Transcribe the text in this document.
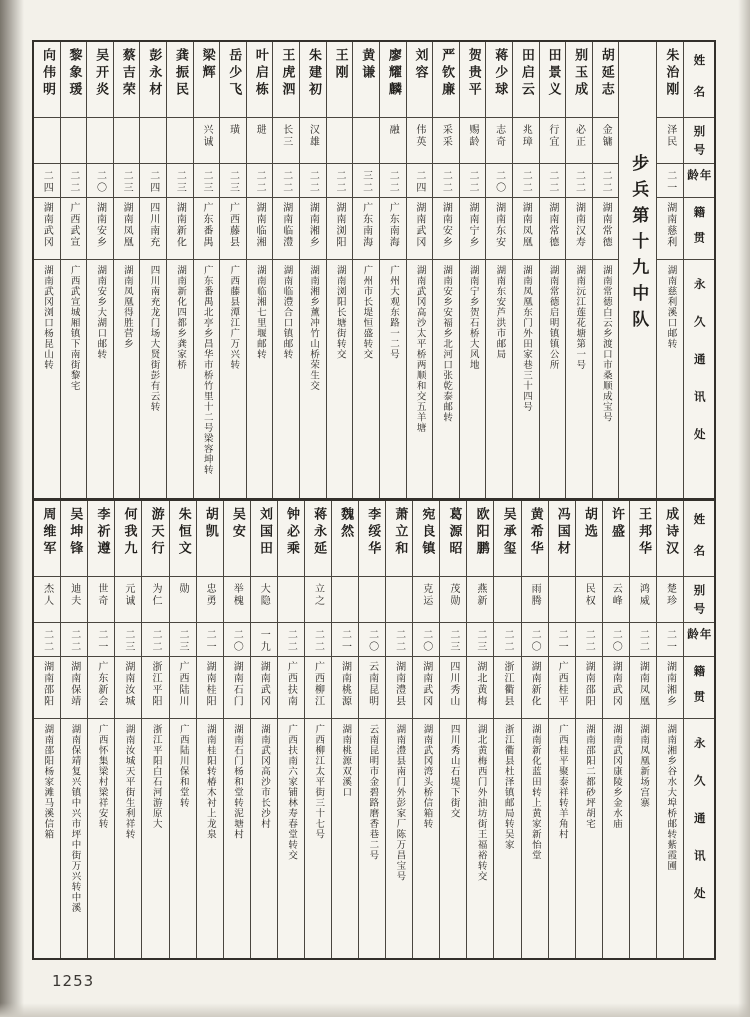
姓名
别号
年龄
籍贯
永久通讯处
朱治刚
泽民
二一
湖南慈利
湖南慈利溪口邮转
步兵第十九中队
胡延志
金镛
二二
湖南常德
湖南常德白云乡渡口市桑顺成宝号
别玉成
必正
二二
湖南汉寿
湖南沅江莲花塘第一号
田景义
行宜
二二
湖南常德
湖南常德启明镇镇公所
田启云
兆璋
二二
湖南凤凰
湖南凤凰东门外田家巷三十四号
蒋少球
志奇
二〇
湖南东安
湖南东安芦洪市邮局
贺贵平
赐龄
二二
湖南宁乡
湖南宁乡贺石桥大风地
严钦廉
采采
二二
湖南安乡
湖南安乡安福乡北河口张乾泰邮转
刘容
伟英
二四
湖南武冈
湖南武冈高沙太平桥两顺和交五羊塘
廖耀麟
融
二二
广东南海
广州大观东路一二号
黄谦
三二
广东南海
广州市长堤恒盛转交
王刚
二二
湖南浏阳
湖南浏阳长塘街转交
朱建初
汉雄
二二
湖南湘乡
湖南湘乡薰冲竹山桥荣生交
王虎泗
长三
二二
湖南临澧
湖南临澧合口镇邮转
叶启栋
琎
二二
湖南临湘
湖南临湘七里堰邮转
岳少飞
璜
二三
广西藤县
广西藤县潭江广万兴转
梁辉
兴诚
二三
广东番禺
广东番禺北亭乡昌华市桥竹里十二号梁容坤转
龚振民
二三
湖南新化
湖南新化四都乡龚家桥
彭永材
二四
四川南充
四川南充龙门场大贤街彭有云转
蔡吉荣
二三
湖南凤凰
湖南凤凰得胜营乡
吴开炎
二〇
湖南安乡
湖南安乡大湖口邮转
黎象瑗
二二
广西武宣
广西武宣城厢镇下南街黎宅
向伟明
二四
湖南武冈
湖南武冈浏口杨昆山转
姓名
别号
年龄
籍贯
永久通讯处
成诗汉
楚珍
二一
湖南湘乡
湖南湘乡谷水大埠桥邮转紫霞圃
王邦华
鸿威
二二
湖南凤凰
湖南凤凰新场宫寨
许盛
云峰
二〇
湖南武冈
湖南武冈康陵乡金水庙
胡选
民权
二二
湖南邵阳
湖南邵阳二都砂坪胡宅
冯国材
二一
广西桂平
广西桂平聚泰祥转羊角村
黄希华
雨腾
二〇
湖南新化
湖南新化蓝田转上黄家新怡堂
吴承玺
二二
浙江衢县
浙江衢县杜泽镇邮局转吴家
欧阳鹏
燕新
二三
湖北黄梅
湖北黄梅西门外油坊街王福裕转交
葛源昭
茂勋
二三
四川秀山
四川秀山石堤下街交
宛良镇
克运
二〇
湖南武冈
湖南武冈湾头桥信箱转
萧立和
二二
湖南澧县
湖南澧县南门外彭家厂陈万昌宝号
李绥华
二〇
云南昆明
云南昆明市金碧路磨香巷二号
魏然
二一
湖南桃源
湖南桃源双溪口
蒋永延
立之
二二
广西柳江
广西柳江太平街三十七号
钟必乘
二二
广西扶南
广西扶南六家铺林寿春堂转交
刘国田
大隐
一九
湖南武冈
湖南武冈高沙市长沙村
吴安
举槐
二〇
湖南石门
湖南石门杨和堂转泥塘村
胡凯
忠勇
二一
湖南桂阳
湖南桂阳转椿木衬上龙泉
朱恒文
勋
二三
广西陆川
广西陆川保和堂转
游天行
为仁
二二
浙江平阳
浙江平阳白石河游原大
何我九
元诚
二三
湖南汝城
湖南汝城天平街生利祥转
李祈遵
世奇
二一
广东新会
广西怀集梁村梁祥安转
吴坤锋
迪夫
二二
湖南保靖
湖南保靖复兴镇中兴市坪中街万兴转中溪
周维军
杰人
二二
湖南邵阳
湖南邵阳杨家滩马溪信箱
1253
